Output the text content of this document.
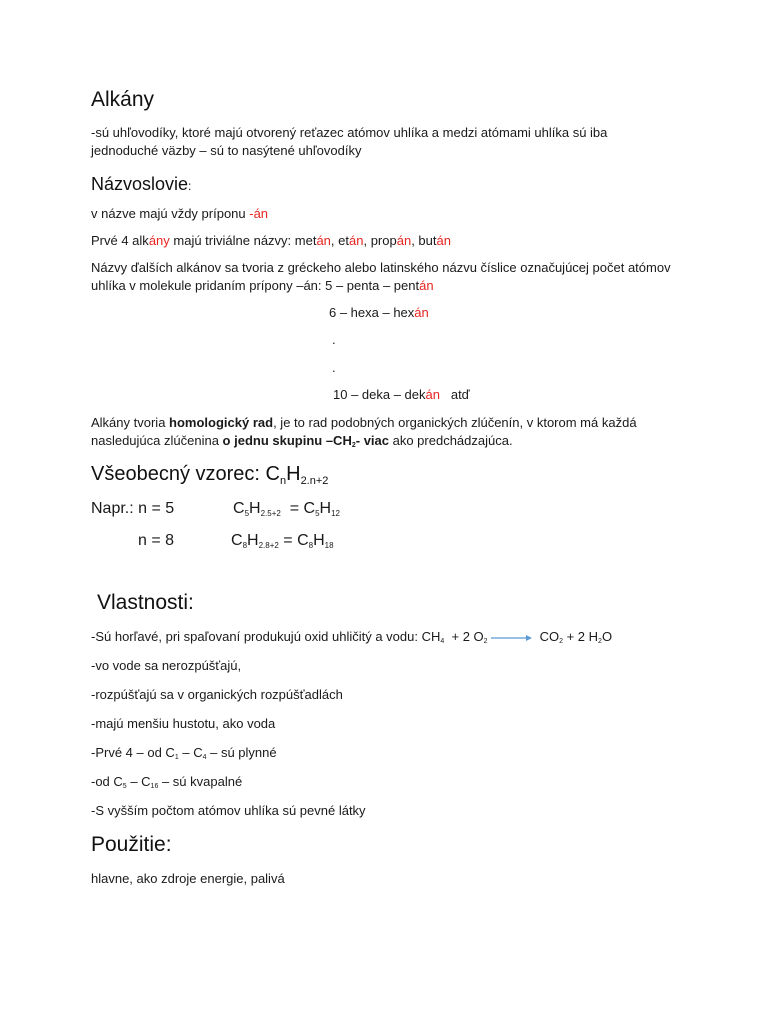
Alkány
-sú uhľovodíky, ktoré majú otvorený reťazec atómov uhlíka a medzi atómami uhlíka sú iba
jednoduché väzby – sú to nasýtené uhľovodíky
Názvoslovie:
v názve majú vždy príponu -án
Prvé 4 alkány majú triviálne názvy: metán, etán, propán, bután
Názvy ďalších alkánov sa tvoria z gréckeho alebo latinského názvu číslice označujúcej počet atómov
uhlíka v molekule pridaním prípony –án: 5 – penta – pentán
6 – hexa – hexán
.
.
10 – deka – dekán   atď
Alkány tvoria homologický rad, je to rad podobných organických zlúčenín, v ktorom má každá
nasledujúca zlúčenina o jednu skupinu $-CH_2-$ viac ako predchádzajúca.
Všeobecný vzorec: $C_nH_{2.n+2}$
Napr.: n = 5	$C_5H_{2.5+2} = C_5H_{12}$
n = 8	$C_8H_{2.8+2} = C_8H_{18}$
Vlastnosti:
-Sú horľavé, pri spaľovaní produkujú oxid uhličitý a vodu: $CH_4 + 2$ $O_2\to CO_2 + 2$ $H_2O$
-vo vode sa nerozpúšťajú,
-rozpúšťajú sa v organických rozpúšťadlách
-majú menšiu hustotu, ako voda
-Prvé 4 – od $C_1 - C_4$ – sú plynné
-od $C_5 - C_{16}$ – sú kvapalné
-S vyšším počtom atómov uhlíka sú pevné látky
Použitie:
hlavne, ako zdroje energie, palivá
